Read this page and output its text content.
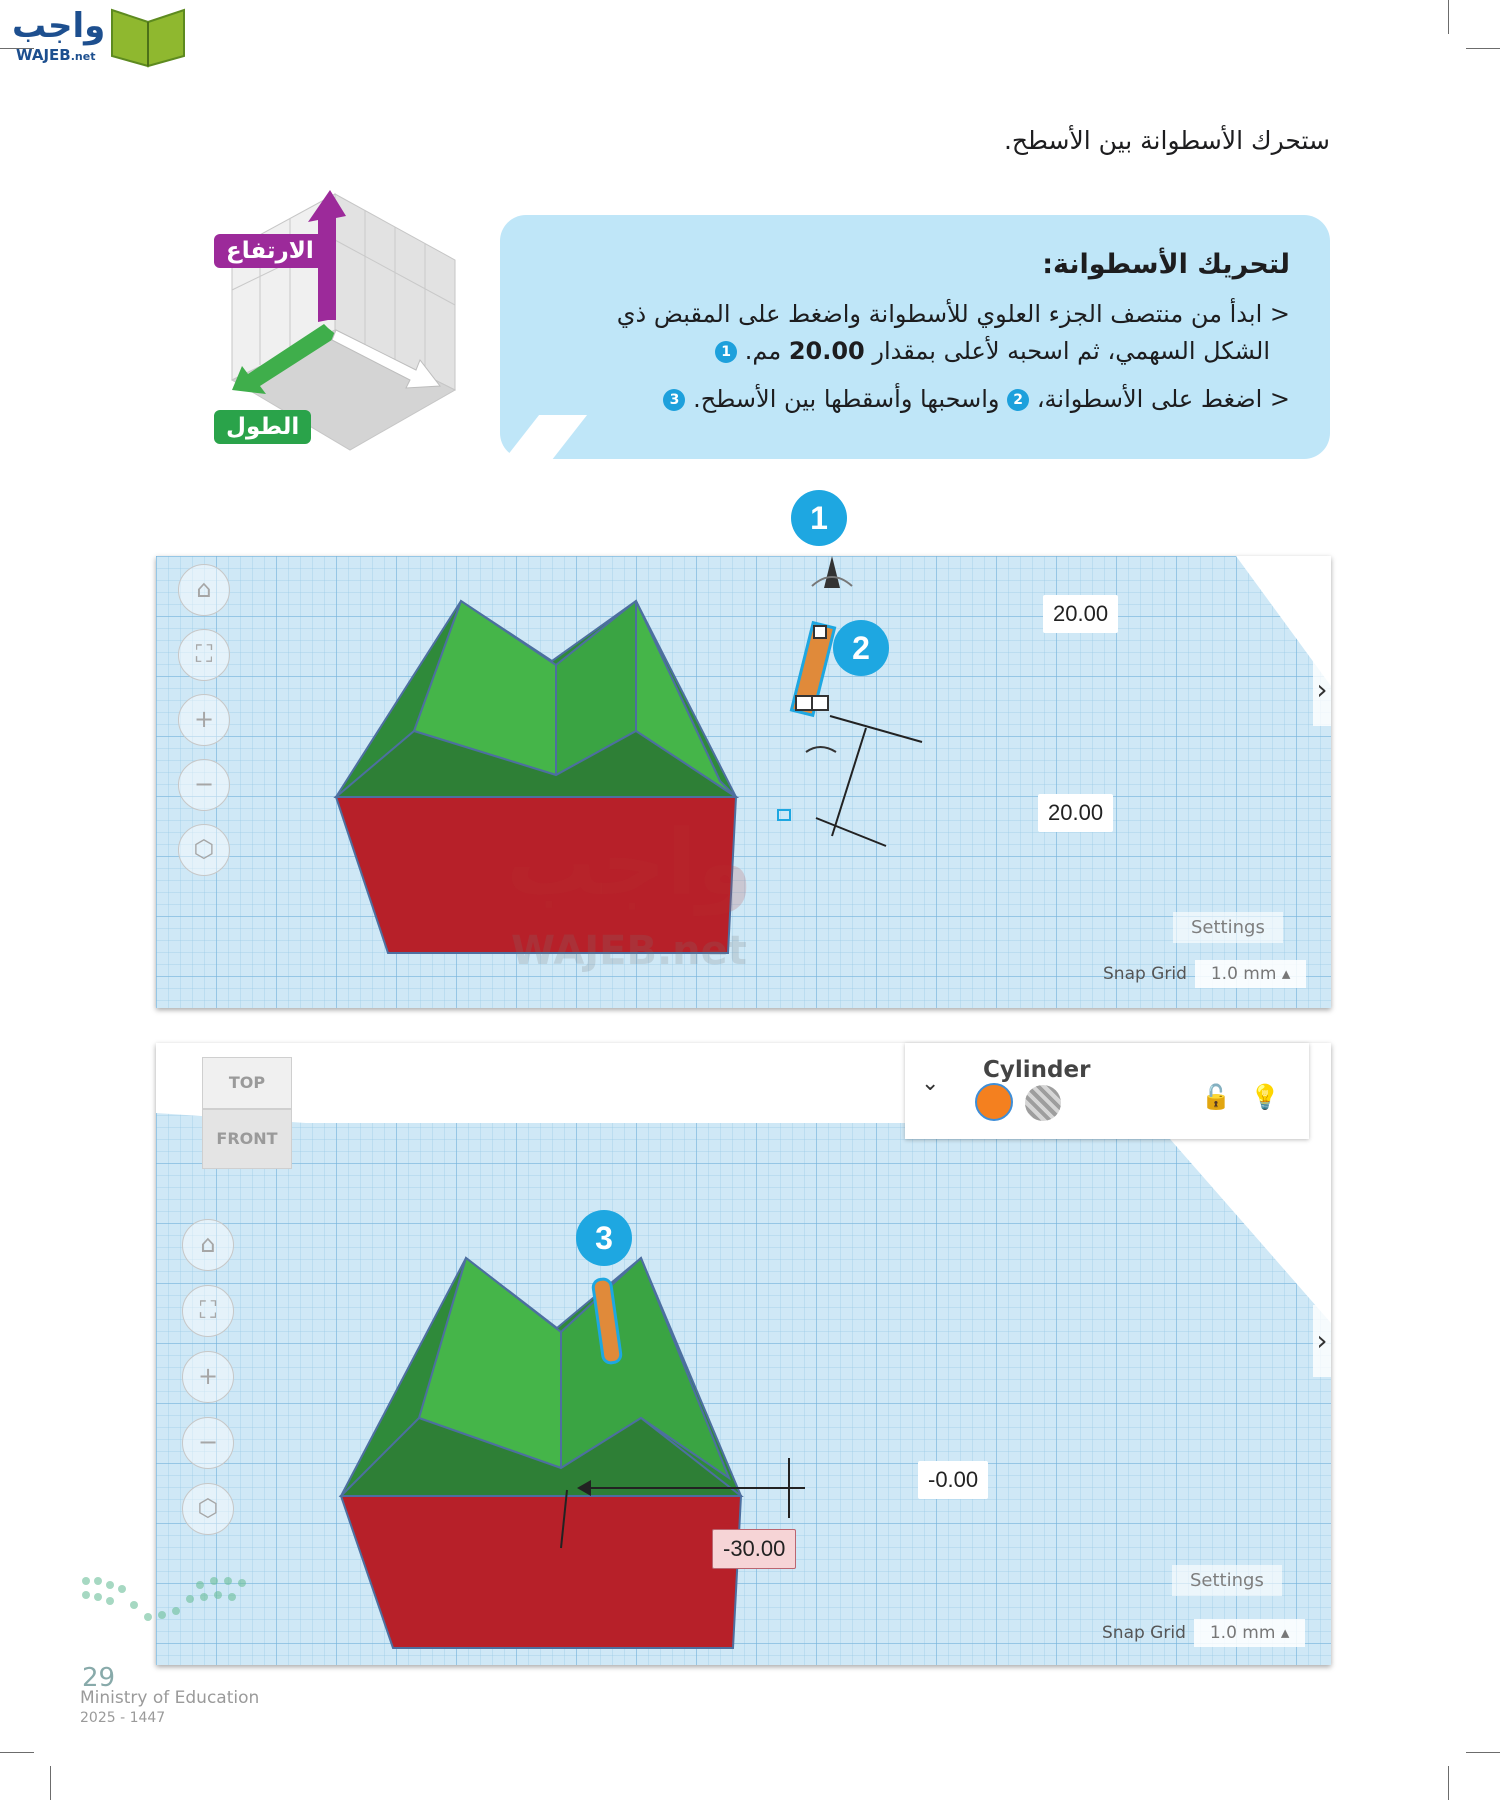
واجب
WAJEB.net
ستحرك الأسطوانة بين الأسطح.
الارتفاع
الطول
لتحريك الأسطوانة:
< ابدأ من منتصف الجزء العلوي للأسطوانة واضغط على المقبض ذي
الشكل السهمي، ثم اسحبه لأعلى بمقدار 20.00 مم. 1
< اضغط على الأسطوانة، 2 واسحبها وأسقطها بين الأسطح. 3
⌂
⛶
+
−
⬡	واجب
WAJEB.net
1
2
20.00
20.00
›
Settings
Snap Grid 1.0 mm ▴
TOP
FRONT
⌄
Cylinder
🔓 💡
⌂
⛶
+
−
⬡
3
-0.00
-30.00
›
Settings
Snap Grid 1.0 mm ▴
29
Ministry of Education
2025 - 1447
